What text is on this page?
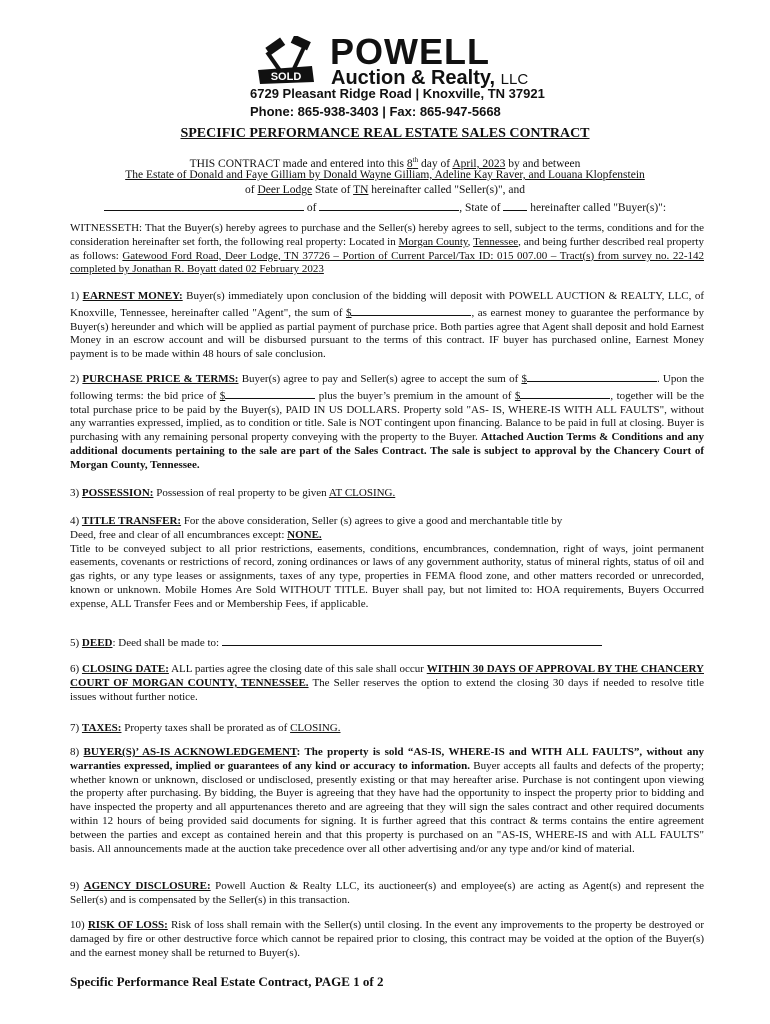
SOLD
POWELL
Auction & Realty, LLC
6729 Pleasant Ridge Road | Knoxville, TN 37921
Phone: 865-938-3403 | Fax: 865-947-5668
SPECIFIC PERFORMANCE REAL ESTATE SALES CONTRACT
THIS CONTRACT made and entered into this 8th day of April, 2023 by and between
The Estate of Donald and Faye Gilliam by Donald Wayne Gilliam, Adeline Kay Raver, and Louana Klopfenstein
of Deer Lodge State of TN hereinafter called "Seller(s)", and
of	, State of  hereinafter called "Buyer(s)":
WITNESSETH: That the Buyer(s) hereby agrees to purchase and the Seller(s) hereby agrees to sell, subject to the terms, conditions and for the consideration hereinafter set forth, the following real property: Located in Morgan County, Tennessee, and being further described real property as follows: Gatewood Ford Road, Deer Lodge, TN 37726 – Portion of Current Parcel/Tax ID: 015 007.00 – Tract(s) from survey no. 22-142 completed by Jonathan R. Boyatt dated 02 February 2023
1) EARNEST MONEY: Buyer(s) immediately upon conclusion of the bidding will deposit with POWELL AUCTION & REALTY, LLC, of Knoxville, Tennessee, hereinafter called "Agent", the sum of $	, as earnest money to guarantee the performance by Buyer(s) hereunder and which will be applied as partial payment of purchase price. Both parties agree that Agent shall deposit and hold Earnest Money in an escrow account and will be disbursed pursuant to the terms of this contract. IF buyer has purchased online, Earnest Money payment is to be made within 48 hours of sale conclusion.
2) PURCHASE PRICE & TERMS: Buyer(s) agree to pay and Seller(s) agree to accept the sum of $	. Upon the following terms: the bid price of $	plus the buyer’s premium in the amount of $	, together will be the total purchase price to be paid by the Buyer(s), PAID IN US DOLLARS. Property sold "AS- IS, WHERE-IS WITH ALL FAULTS", without any warranties expressed, implied, as to condition or title. Sale is NOT contingent upon financing. Balance to be paid in full at closing. Buyer is purchasing with any remaining personal property conveying with the property to the Buyer. Attached Auction Terms & Conditions and any additional documents pertaining to the sale are part of the Sales Contract. The sale is subject to approval by the Chancery Court of Morgan County, Tennessee.
3) POSSESSION: Possession of real property to be given AT CLOSING.
4) TITLE TRANSFER: For the above consideration, Seller (s) agrees to give a good and merchantable title by
Deed, free and clear of all encumbrances except: NONE.
Title to be conveyed subject to all prior restrictions, easements, conditions, encumbrances, condemnation, right of ways, joint permanent easements, covenants or restrictions of record, zoning ordinances or laws of any government authority, status of mineral rights, status of oil and gas rights, or any type leases or assignments, taxes of any type, properties in FEMA flood zone, and other matters recorded or unrecorded, known or unknown. Mobile Homes Are Sold WITHOUT TITLE. Buyer shall pay, but not limited to: HOA requirements, Buyers Occurred expense, ALL Transfer Fees and or Membership Fees, if applicable.
5) DEED: Deed shall be made to:
6) CLOSING DATE: ALL parties agree the closing date of this sale shall occur WITHIN 30 DAYS OF APPROVAL BY THE CHANCERY COURT OF MORGAN COUNTY, TENNESSEE. The Seller reserves the option to extend the closing 30 days if needed to resolve title issues without further notice.
7) TAXES: Property taxes shall be prorated as of CLOSING.
8) BUYER(S)’ AS-IS ACKNOWLEDGEMENT: The property is sold “AS-IS, WHERE-IS and WITH ALL FAULTS”, without any warranties expressed, implied or guarantees of any kind or accuracy to information. Buyer accepts all faults and defects of the property; whether known or unknown, disclosed or undisclosed, presently existing or that may hereafter arise. Purchase is not contingent upon viewing the property after purchasing. By bidding, the Buyer is agreeing that they have had the opportunity to inspect the property prior to bidding and have inspected the property and all appurtenances thereto and are agreeing that they will sign the sales contract and other required documents within 12 hours of being provided said documents for signing. It is further agreed that this contract & terms contains the entire agreement between the parties and except as contained herein and that this property is purchased on an "AS-IS, WHERE-IS and with ALL FAULTS" basis. All announcements made at the auction take precedence over all other advertising and/or any type and/or kind of material.
9) AGENCY DISCLOSURE: Powell Auction & Realty LLC, its auctioneer(s) and employee(s) are acting as Agent(s) and represent the Seller(s) and is compensated by the Seller(s) in this transaction.
10) RISK OF LOSS: Risk of loss shall remain with the Seller(s) until closing. In the event any improvements to the property be destroyed or damaged by fire or other destructive force which cannot be repaired prior to closing, this contract may be voided at the option of the Buyer(s) and the earnest money shall be returned to Buyer(s).
Specific Performance Real Estate Contract, PAGE 1 of 2
